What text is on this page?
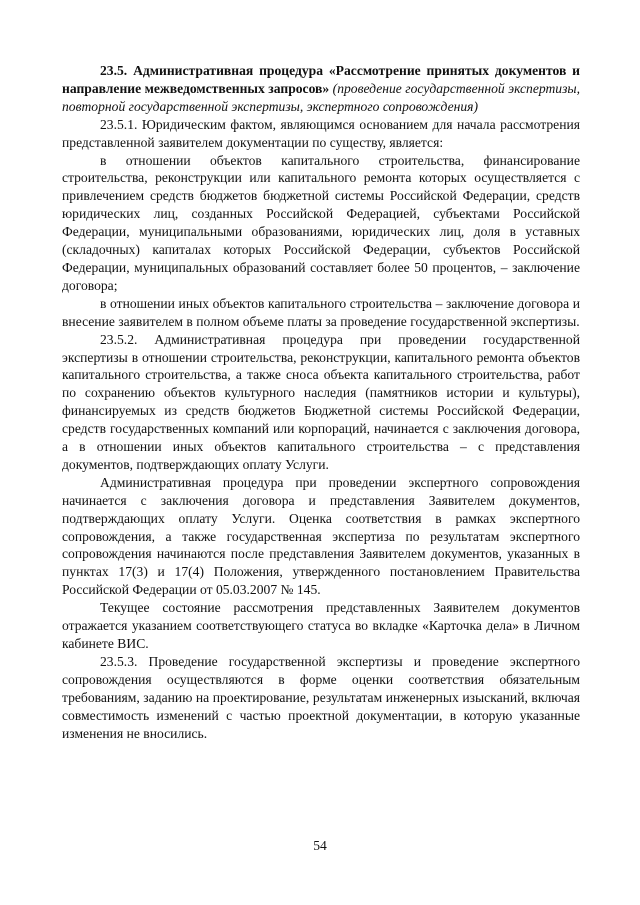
23.5. Административная процедура «Рассмотрение принятых документов и направление межведомственных запросов» (проведение государственной экспертизы, повторной государственной экспертизы, экспертного сопровождения)

23.5.1. Юридическим фактом, являющимся основанием для начала рассмотрения представленной заявителем документации по существу, является:

в отношении объектов капитального строительства, финансирование строительства, реконструкции или капитального ремонта которых осуществляется с привлечением средств бюджетов бюджетной системы Российской Федерации, средств юридических лиц, созданных Российской Федерацией, субъектами Российской Федерации, муниципальными образованиями, юридических лиц, доля в уставных (складочных) капиталах которых Российской Федерации, субъектов Российской Федерации, муниципальных образований составляет более 50 процентов, – заключение договора;

в отношении иных объектов капитального строительства – заключение договора и внесение заявителем в полном объеме платы за проведение государственной экспертизы.

23.5.2. Административная процедура при проведении государственной экспертизы в отношении строительства, реконструкции, капитального ремонта объектов капитального строительства, а также сноса объекта капитального строительства, работ по сохранению объектов культурного наследия (памятников истории и культуры), финансируемых из средств бюджетов Бюджетной системы Российской Федерации, средств государственных компаний или корпораций, начинается с заключения договора, а в отношении иных объектов капитального строительства – с представления документов, подтверждающих оплату Услуги.

Административная процедура при проведении экспертного сопровождения начинается с заключения договора и представления Заявителем документов, подтверждающих оплату Услуги. Оценка соответствия в рамках экспертного сопровождения, а также государственная экспертиза по результатам экспертного сопровождения начинаются после представления Заявителем документов, указанных в пунктах 17(3) и 17(4) Положения, утвержденного постановлением Правительства Российской Федерации от 05.03.2007 № 145.

Текущее состояние рассмотрения представленных Заявителем документов отражается указанием соответствующего статуса во вкладке «Карточка дела» в Личном кабинете ВИС.

23.5.3. Проведение государственной экспертизы и проведение экспертного сопровождения осуществляются в форме оценки соответствия обязательным требованиям, заданию на проектирование, результатам инженерных изысканий, включая совместимость изменений с частью проектной документации, в которую указанные изменения не вносились.

54
